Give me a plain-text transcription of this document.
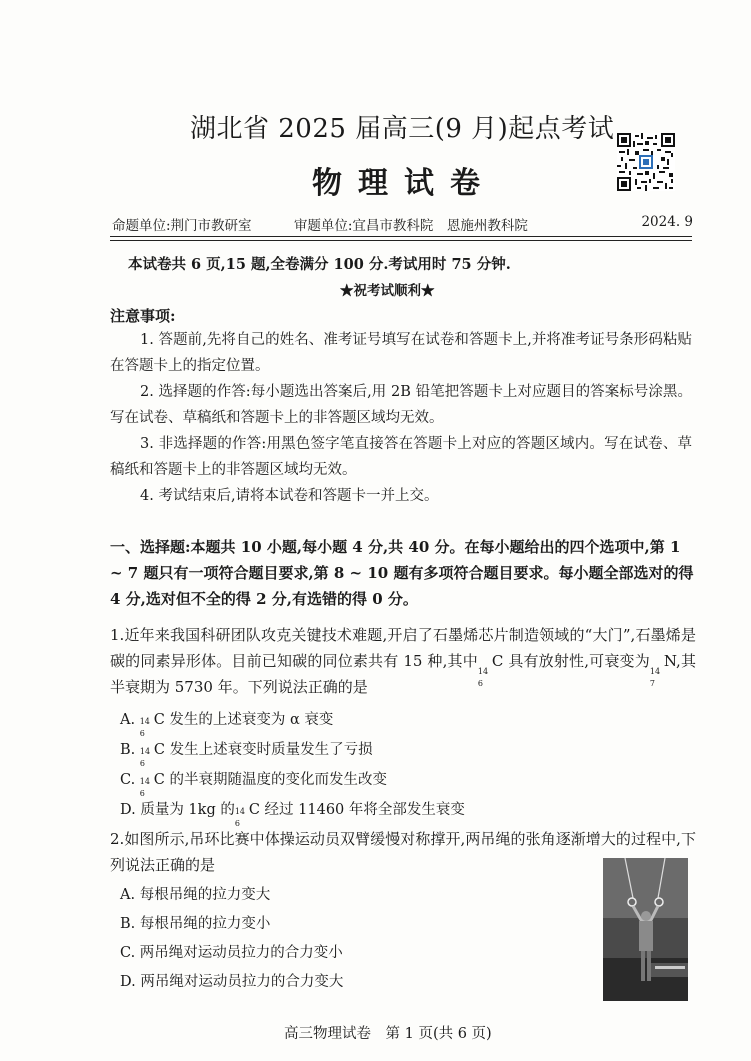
湖北省 2025 届高三(9 月)起点考试
物理试卷
命题单位:荆门市教研室	审题单位:宜昌市教科院　恩施州教科院	2024. 9
本试卷共 6 页,15 题,全卷满分 100 分.考试用时 75 分钟.
★祝考试顺利★
注意事项:
1. 答题前,先将自己的姓名、准考证号填写在试卷和答题卡上,并将准考证号条形码粘贴在答题卡上的指定位置。
2. 选择题的作答:每小题选出答案后,用 2B 铅笔把答题卡上对应题目的答案标号涂黑。写在试卷、草稿纸和答题卡上的非答题区域均无效。
3. 非选择题的作答:用黑色签字笔直接答在答题卡上对应的答题区域内。写在试卷、草稿纸和答题卡上的非答题区域均无效。
4. 考试结束后,请将本试卷和答题卡一并上交。
一、选择题:本题共 10 小题,每小题 4 分,共 40 分。在每小题给出的四个选项中,第 1 ~ 7 题只有一项符合题目要求,第 8 ~ 10 题有多项符合题目要求。每小题全部选对的得 4 分,选对但不全的得 2 分,有选错的得 0 分。
1.近年来我国科研团队攻克关键技术难题,开启了石墨烯芯片制造领域的“大门”,石墨烯是碳的同素异形体。目前已知碳的同位素共有 15 种,其中
14
6
C 具有放射性,可衰变为
14
7
N,其半衰期为 5730 年。下列说法正确的是
A. 14
6
C 发生的上述衰变为 α 衰变
B. 14
6
C 发生上述衰变时质量发生了亏损
C. 14
6
C 的半衰期随温度的变化而发生改变
D. 质量为 1kg 的 14
6
C 经过 11460 年将全部发生衰变
2.如图所示,吊环比赛中体操运动员双臂缓慢对称撑开,两吊绳的张角逐渐增大的过程中,下列说法正确的是
A. 每根吊绳的拉力变大
B. 每根吊绳的拉力变小
C. 两吊绳对运动员拉力的合力变小
D. 两吊绳对运动员拉力的合力变大
高三物理试卷　第 1 页(共 6 页)
